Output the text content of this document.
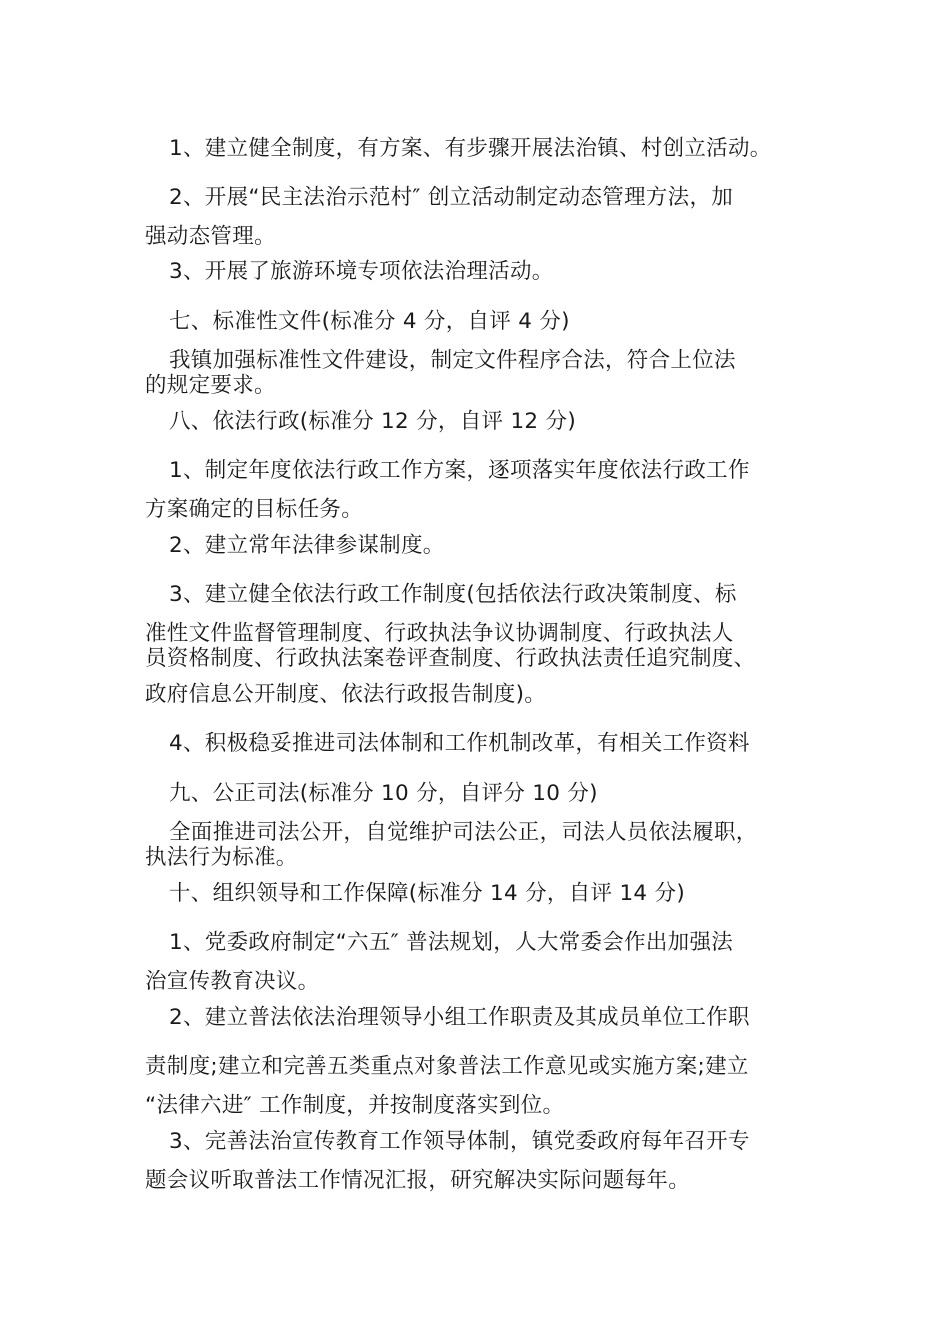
1、建立健全制度，有方案、有步骤开展法治镇、村创立活动。
2、开展“民主法治示范村″ 创立活动制定动态管理方法，加
强动态管理。
3、开展了旅游环境专项依法治理活动。
七、标准性文件(标准分 4 分，自评 4 分)
我镇加强标准性文件建设，制定文件程序合法，符合上位法
的规定要求。
八、依法行政(标准分 12 分，自评 12 分)
1、制定年度依法行政工作方案，逐项落实年度依法行政工作
方案确定的目标任务。
2、建立常年法律参谋制度。
3、建立健全依法行政工作制度(包括依法行政决策制度、标
准性文件监督管理制度、行政执法争议协调制度、行政执法人
员资格制度、行政执法案卷评查制度、行政执法责任追究制度、
政府信息公开制度、依法行政报告制度)。
4、积极稳妥推进司法体制和工作机制改革，有相关工作资料
九、公正司法(标准分 10 分，自评分 10 分)
全面推进司法公开，自觉维护司法公正，司法人员依法履职，
执法行为标准。
十、组织领导和工作保障(标准分 14 分，自评 14 分)
1、党委政府制定“六五″ 普法规划，人大常委会作出加强法
治宣传教育决议。
2、建立普法依法治理领导小组工作职责及其成员单位工作职
责制度;建立和完善五类重点对象普法工作意见或实施方案;建立
“法律六进″ 工作制度，并按制度落实到位。
3、完善法治宣传教育工作领导体制，镇党委政府每年召开专
题会议听取普法工作情况汇报，研究解决实际问题每年。
